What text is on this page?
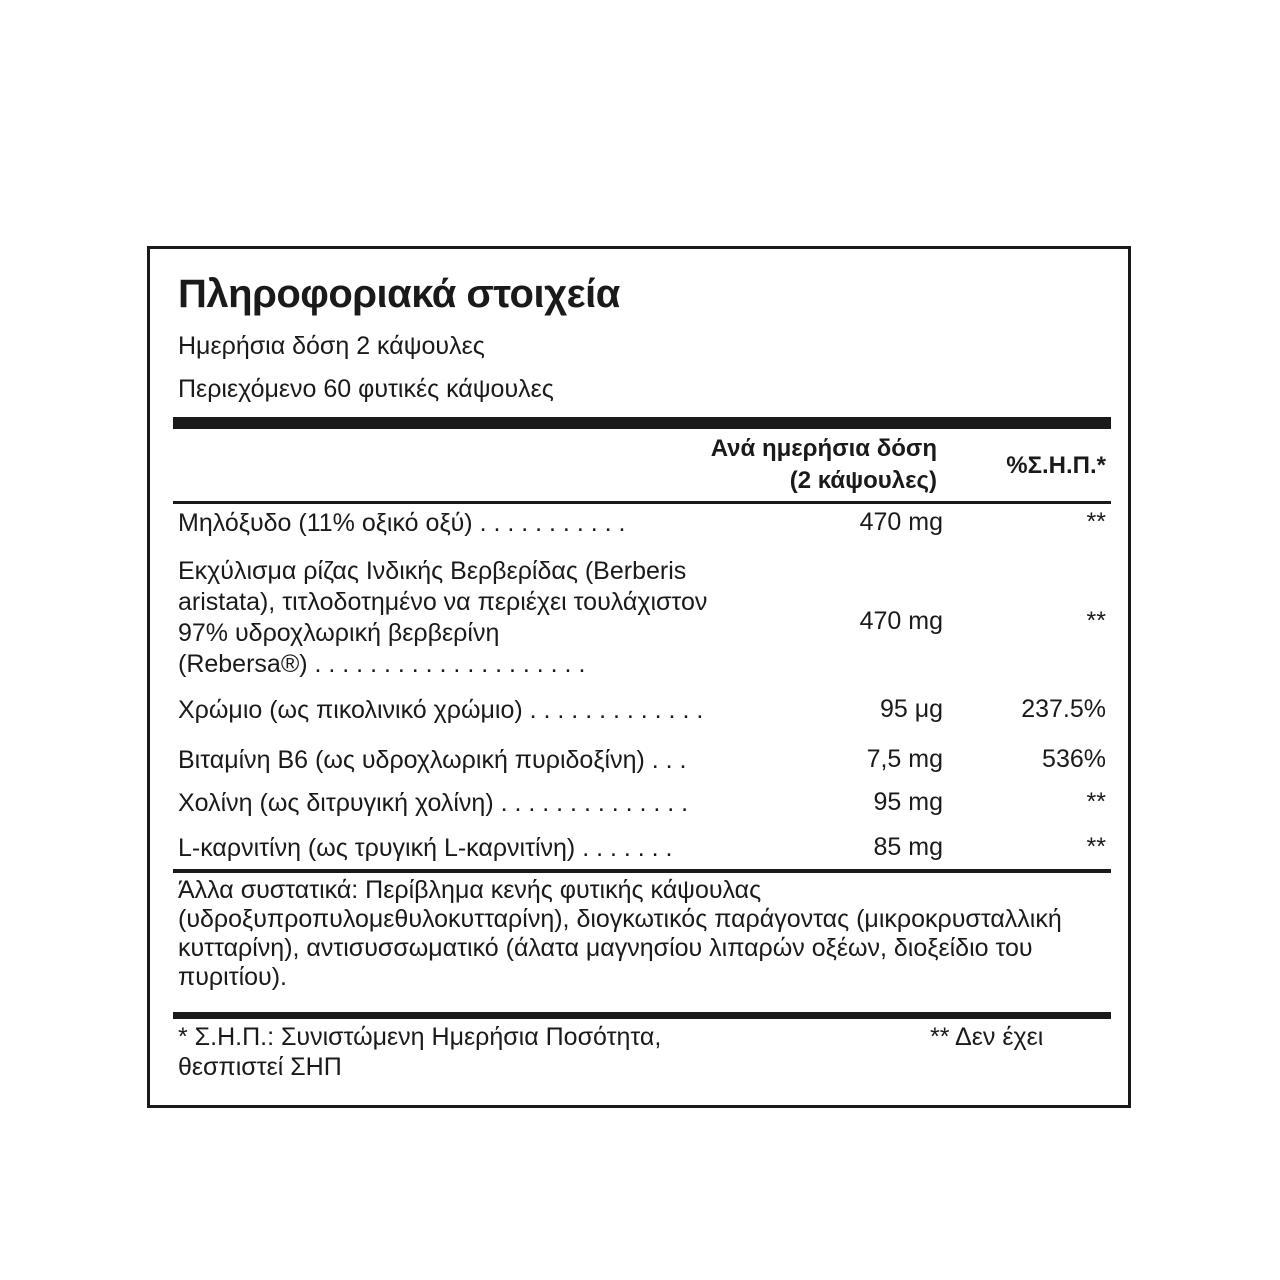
Πληροφοριακά στοιχεία
Ημερήσια δόση 2 κάψουλες
Περιεχόμενο 60 φυτικές κάψουλες
Ανά ημερήσια δόση
(2 κάψουλες)
%Σ.Η.Π.*
Μηλόξυδο (11% οξικό οξύ) . . . . . . . . . . .	470 mg	**
Εκχύλισμα ρίζας Ινδικής Βερβερίδας (Berberis
aristata), τιτλοδοτημένο να περιέχει τουλάχιστον
97% υδροχλωρική βερβερίνη
(Rebersa®) . . . . . . . . . . . . . . . . . . . .
470 mg	**
Χρώμιο (ως πικολινικό χρώμιο) . . . . . . . . . . . . .	95 μg	237.5%
Βιταμίνη Β6 (ως υδροχλωρική πυριδοξίνη) . . .	7,5 mg	536%
Χολίνη (ως διτρυγική χολίνη) . . . . . . . . . . . . . .	95 mg	**
L-καρνιτίνη (ως τρυγική L-καρνιτίνη) . . . . . . .	85 mg	**
Άλλα συστατικά: Περίβλημα κενής φυτικής κάψουλας (υδροξυπροπυλομεθυλοκυτταρίνη), διογκωτικός παράγοντας (μικροκρυσταλλική κυτταρίνη), αντισυσσωματικό (άλατα μαγνησίου λιπαρών οξέων, διοξείδιο του πυριτίου).
* Σ.Η.Π.: Συνιστώμενη Ημερήσια Ποσότητα,
θεσπιστεί ΣΗΠ
** Δεν έχει
